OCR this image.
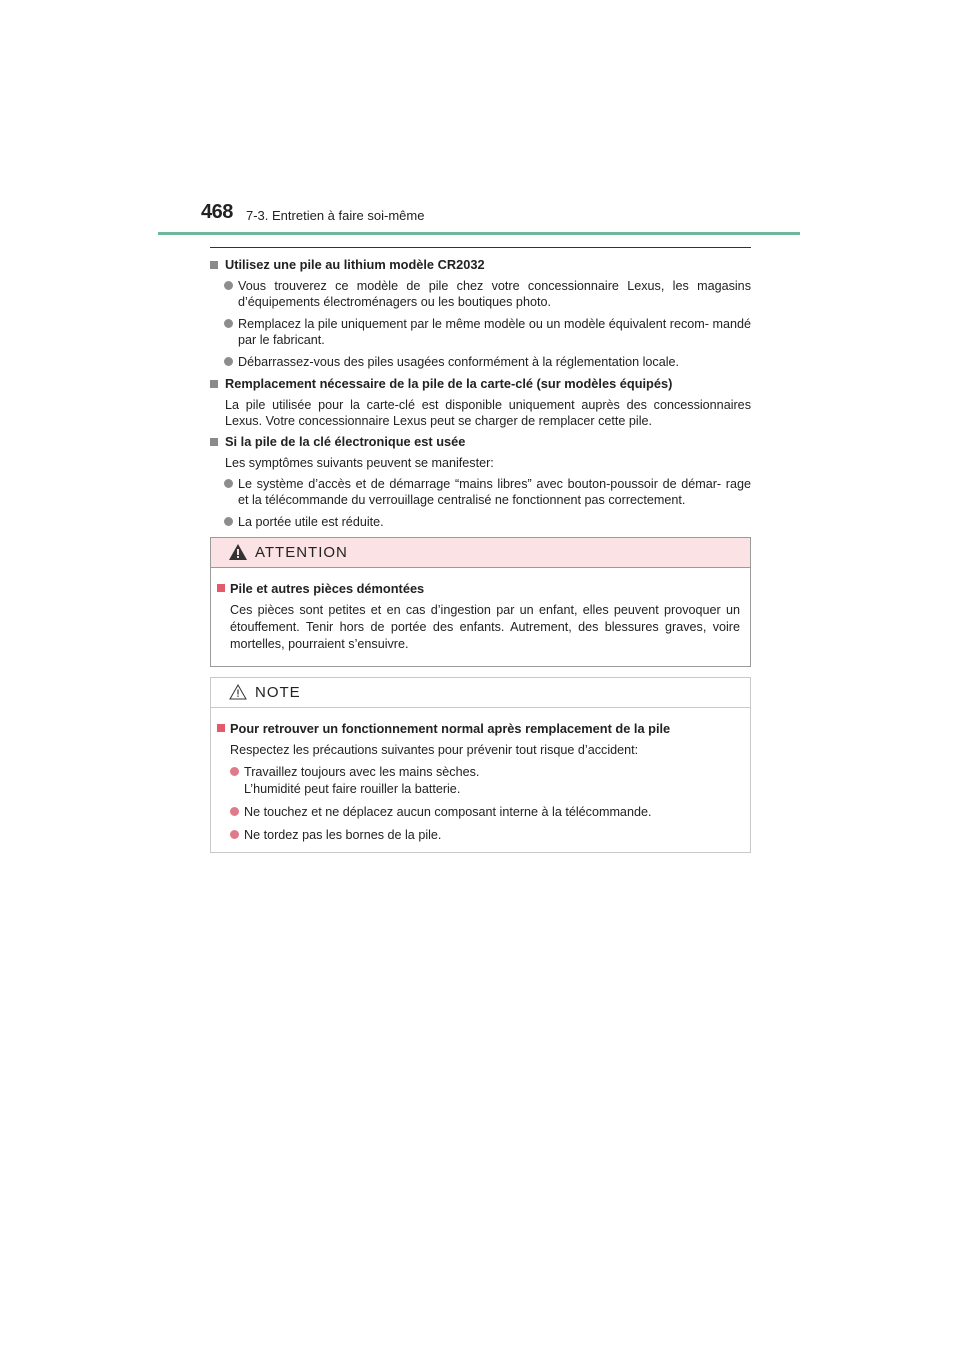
468 7-3. Entretien à faire soi-même
Utilisez une pile au lithium modèle CR2032
Vous trouverez ce modèle de pile chez votre concessionnaire Lexus, les magasins d’équipements électroménagers ou les boutiques photo.
Remplacez la pile uniquement par le même modèle ou un modèle équivalent recom- mandé par le fabricant.
Débarrassez-vous des piles usagées conformément à la réglementation locale.
Remplacement nécessaire de la pile de la carte-clé (sur modèles équipés)
La pile utilisée pour la carte-clé est disponible uniquement auprès des concessionnaires Lexus. Votre concessionnaire Lexus peut se charger de remplacer cette pile.
Si la pile de la clé électronique est usée
Les symptômes suivants peuvent se manifester:
Le système d’accès et de démarrage “mains libres” avec bouton-poussoir de démar- rage et la télécommande du verrouillage centralisé ne fonctionnent pas correctement.
La portée utile est réduite.
ATTENTION
Pile et autres pièces démontées
Ces pièces sont petites et en cas d’ingestion par un enfant, elles peuvent provoquer un étouffement. Tenir hors de portée des enfants. Autrement, des blessures graves, voire mortelles, pourraient s’ensuivre.
NOTE
Pour retrouver un fonctionnement normal après remplacement de la pile
Respectez les précautions suivantes pour prévenir tout risque d’accident:
Travaillez toujours avec les mains sèches.
L’humidité peut faire rouiller la batterie.
Ne touchez et ne déplacez aucun composant interne à la télécommande.
Ne tordez pas les bornes de la pile.
